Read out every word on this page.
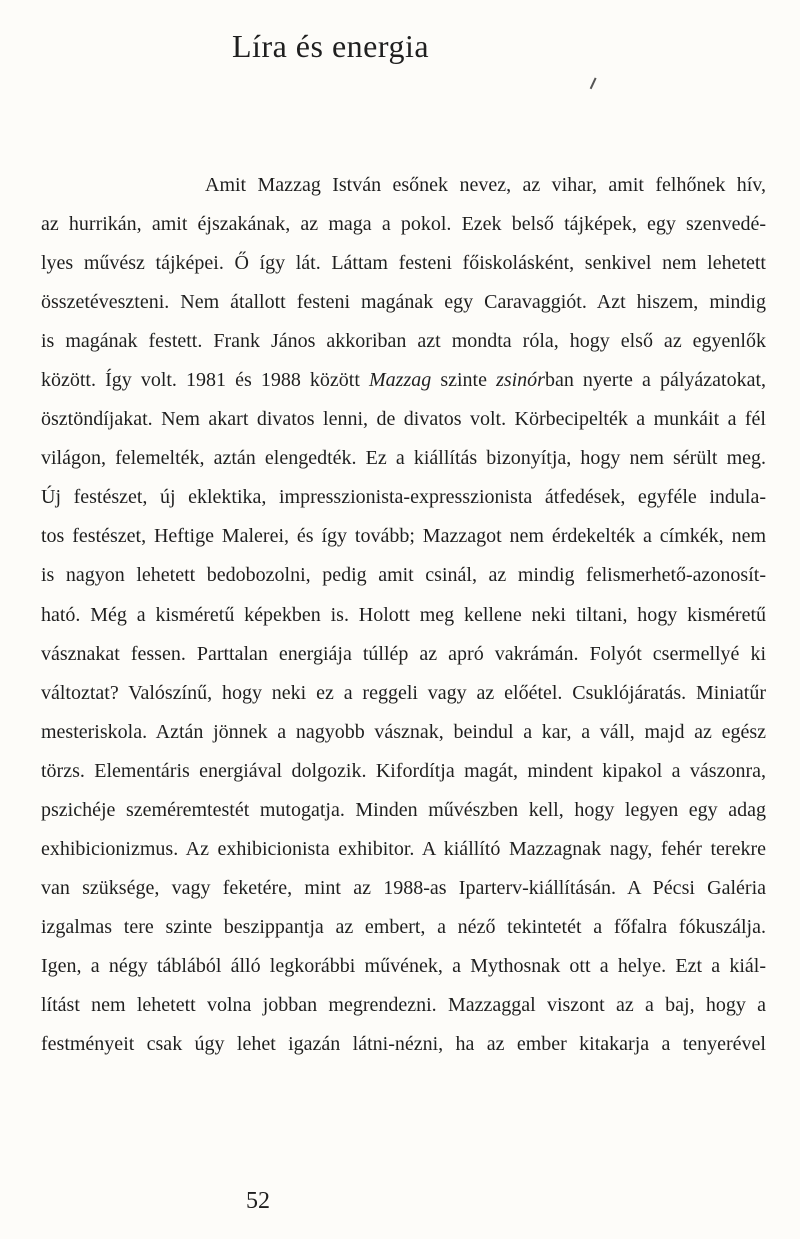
Líra és energia
Amit Mazzag István esőnek nevez, az vihar, amit felhőnek hív,
az hurrikán, amit éjszakának, az maga a pokol. Ezek belső tájképek, egy szenvedé-
lyes művész tájképei. Ő így lát. Láttam festeni főiskolásként, senkivel nem lehetett
összetéveszteni. Nem átallott festeni magának egy Caravaggiót. Azt hiszem, mindig
is magának festett. Frank János akkoriban azt mondta róla, hogy első az egyenlők
között. Így volt. 1981 és 1988 között Mazzag szinte zsinórban nyerte a pályázatokat,
ösztöndíjakat. Nem akart divatos lenni, de divatos volt. Körbecipelték a munkáit a fél
világon, felemelték, aztán elengedték. Ez a kiállítás bizonyítja, hogy nem sérült meg.
Új festészet, új eklektika, impresszionista-expresszionista átfedések, egyféle indula-
tos festészet, Heftige Malerei, és így tovább; Mazzagot nem érdekelték a címkék, nem
is nagyon lehetett bedobozolni, pedig amit csinál, az mindig felismerhető-azonosít-
ható. Még a kisméretű képekben is. Holott meg kellene neki tiltani, hogy kisméretű
vásznakat fessen. Parttalan energiája túllép az apró vakrámán. Folyót csermellyé ki
változtat? Valószínű, hogy neki ez a reggeli vagy az előétel. Csuklójáratás. Miniatűr
mesteriskola. Aztán jönnek a nagyobb vásznak, beindul a kar, a váll, majd az egész
törzs. Elementáris energiával dolgozik. Kifordítja magát, mindent kipakol a vászonra,
pszichéje szeméremtestét mutogatja. Minden művészben kell, hogy legyen egy adag
exhibicionizmus. Az exhibicionista exhibitor. A kiállító Mazzagnak nagy, fehér terekre
van szüksége, vagy feketére, mint az 1988-as Iparterv-kiállításán. A Pécsi Galéria
izgalmas tere szinte beszippantja az embert, a néző tekintetét a főfalra fókuszálja.
Igen, a négy táblából álló legkorábbi művének, a Mythosnak ott a helye. Ezt a kiál-
lítást nem lehetett volna jobban megrendezni. Mazzaggal viszont az a baj, hogy a
festményeit csak úgy lehet igazán látni-nézni, ha az ember kitakarja a tenyerével
52
